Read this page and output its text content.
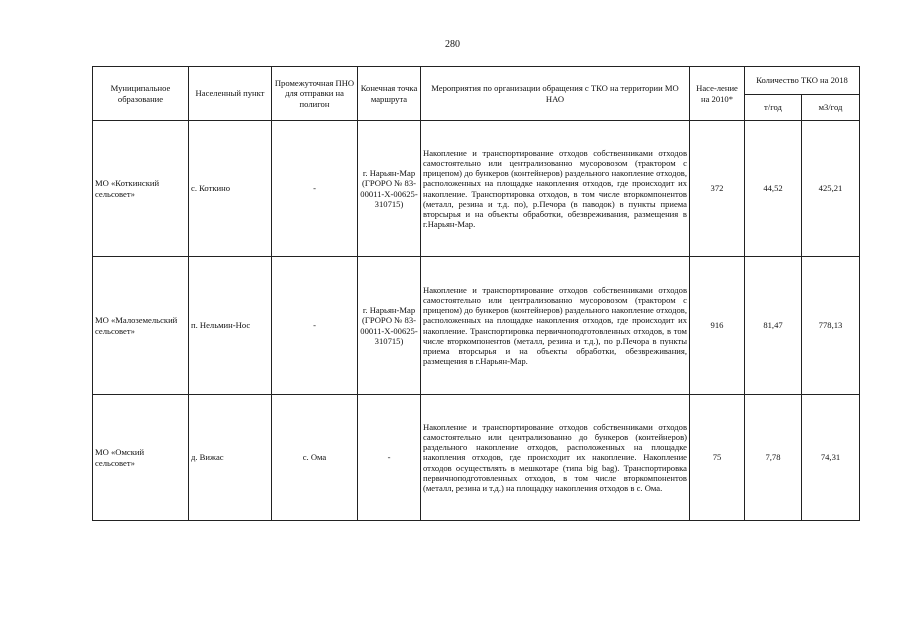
280
Муниципальное образование	Населенный пункт	Промежуточная ПНО для отправки на полигон	Конечная точка маршрута	Мероприятия по организации обращения с ТКО на территории МО НАО	Насе-ление на 2010*	Количество ТКО на 2018	
						т/год	м3/год
МО «Коткинский сельсовет»	с. Коткино	-	г. Нарьян-Мар (ГРОРО № 83-00011-Х-00625-310715)	Накопление и транспортирование отходов собственниками отходов самостоятельно или централизованно мусоровозом (трактором с прицепом) до бункеров (контейнеров) раздельного накопление отходов, расположенных на площадке накопления отходов, где происходит их накопление. Транспортировка отходов, в том числе вторкомпонентов (металл, резина и т.д. по), р.Печора (в паводок) в пункты приема вторсырья и на объекты обработки, обезвреживания, размещения в г.Нарьян-Мар.	372	44,52	425,21
МО «Малоземельский сельсовет»	п. Нельмин-Нос	-	г. Нарьян-Мар (ГРОРО № 83-00011-Х-00625-310715)	Накопление и транспортирование отходов собственниками отходов самостоятельно или централизованно мусоровозом (трактором с прицепом) до бункеров (контейнеров) раздельного накопление отходов, расположенных на площадке накопления отходов, где происходит их накопление. Транспортировка первичноподготовленных отходов, в том числе вторкомпонентов (металл, резина и т.д.), по р.Печора в пункты приема вторсырья и на объекты обработки, обезвреживания, размещения в г.Нарьян-Мар.	916	81,47	778,13
МО «Омский сельсовет»	д. Вижас	с. Ома	-	Накопление и транспортирование отходов собственниками отходов самостоятельно или централизованно до бункеров (контейнеров) раздельного накопление отходов, расположенных на площадке накопления отходов, где происходит их накопление. Накопление отходов осуществлять в мешкотаре (типа big bag). Транспортировка первичноподготовленных отходов, в том числе вторкомпонентов (металл, резина и т.д.) на площадку накопления отходов в с. Ома.	75	7,78	74,31
